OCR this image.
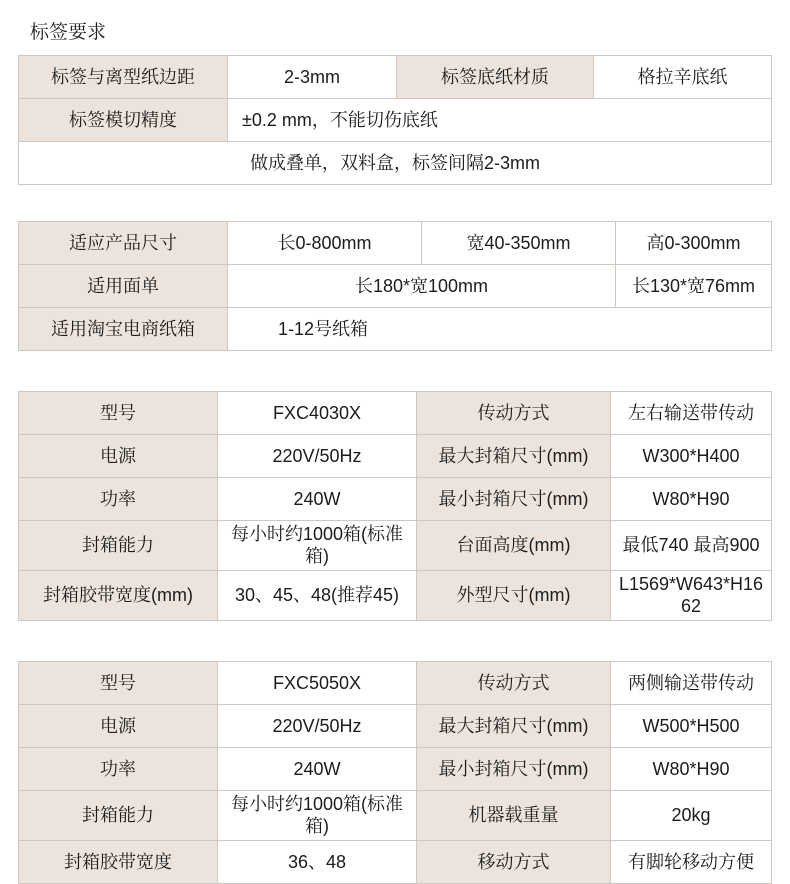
标签要求
标签与离型纸边距	2-3mm	标签底纸材质	格拉辛底纸
标签模切精度	±0.2 mm，不能切伤底纸		
做成叠单，双料盒，标签间隔2-3mm			
适应产品尺寸	长0-800mm	宽40-350mm	高0-300mm
适用面单	长180*宽100mm		长130*宽76mm
适用淘宝电商纸箱	1-12号纸箱		
型号	FXC4030X	传动方式	左右输送带传动
电源	220V/50Hz	最大封箱尺寸(mm)	W300*H400
功率	240W	最小封箱尺寸(mm)	W80*H90
封箱能力	每小时约1000箱(标准箱)	台面高度(mm)	最低740 最高900
封箱胶带宽度(mm)	30、45、48(推荐45)	外型尺寸(mm)	L1569*W643*H1662
型号	FXC5050X	传动方式	两侧输送带传动
电源	220V/50Hz	最大封箱尺寸(mm)	W500*H500
功率	240W	最小封箱尺寸(mm)	W80*H90
封箱能力	每小时约1000箱(标准箱)	机器载重量	20kg
封箱胶带宽度	36、48	移动方式	有脚轮移动方便
